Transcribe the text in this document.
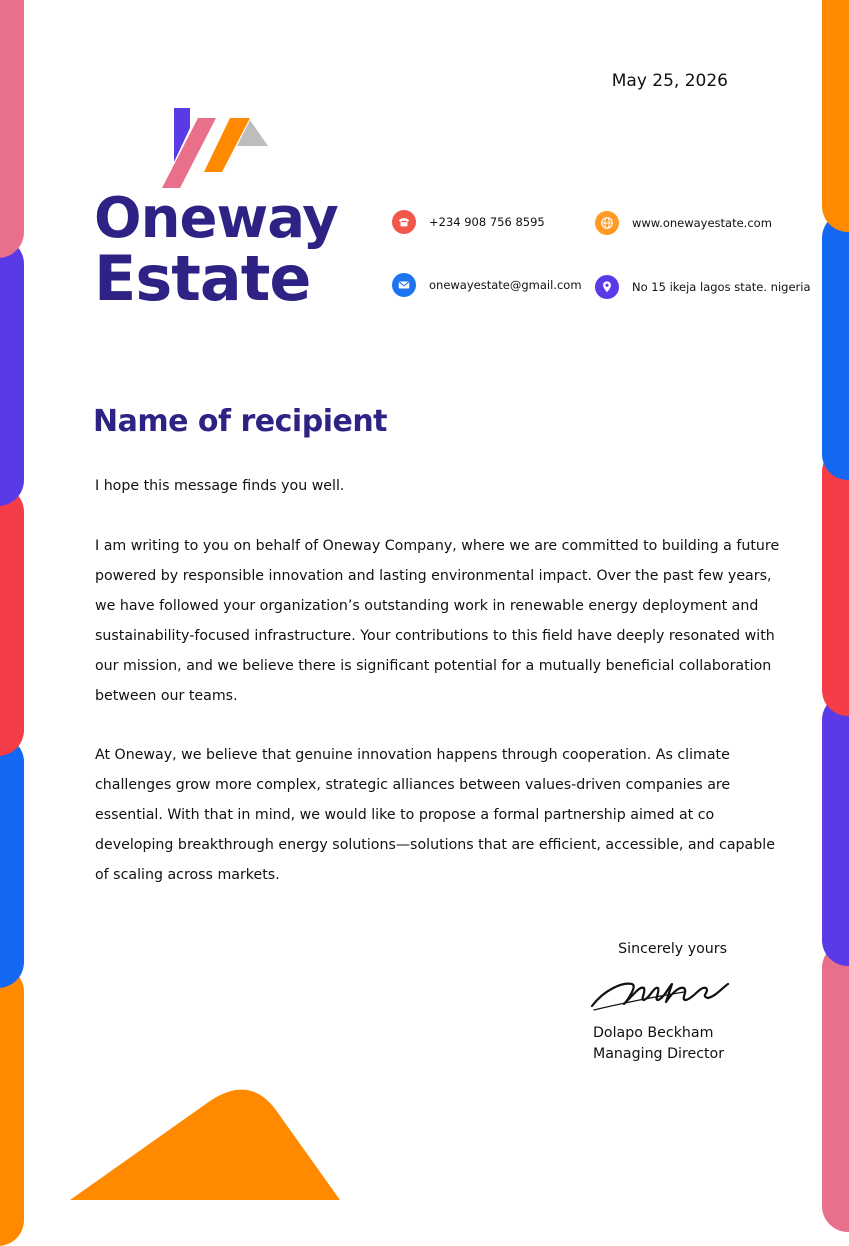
May 25, 2026
Oneway
Estate
+234 908 756 8595	www.onewayestate.com
onewayestate@gmail.com	No 15 ikeja lagos state. nigeria
Name of recipient
I hope this message finds you well.
I am writing to you on behalf of Oneway Company, where we are committed to building a future powered by responsible innovation and lasting environmental impact. Over the past few years, we have followed your organization’s outstanding work in renewable energy deployment and sustainability-focused infrastructure. Your contributions to this field have deeply resonated with our mission, and we believe there is significant potential for a mutually beneficial collaboration between our teams.
At Oneway, we believe that genuine innovation happens through cooperation. As climate challenges grow more complex, strategic alliances between values-driven companies are essential. With that in mind, we would like to propose a formal partnership aimed at co developing breakthrough energy solutions—solutions that are efficient, accessible, and capable of scaling across markets.
Sincerely yours
Dolapo Beckham
Managing Director
